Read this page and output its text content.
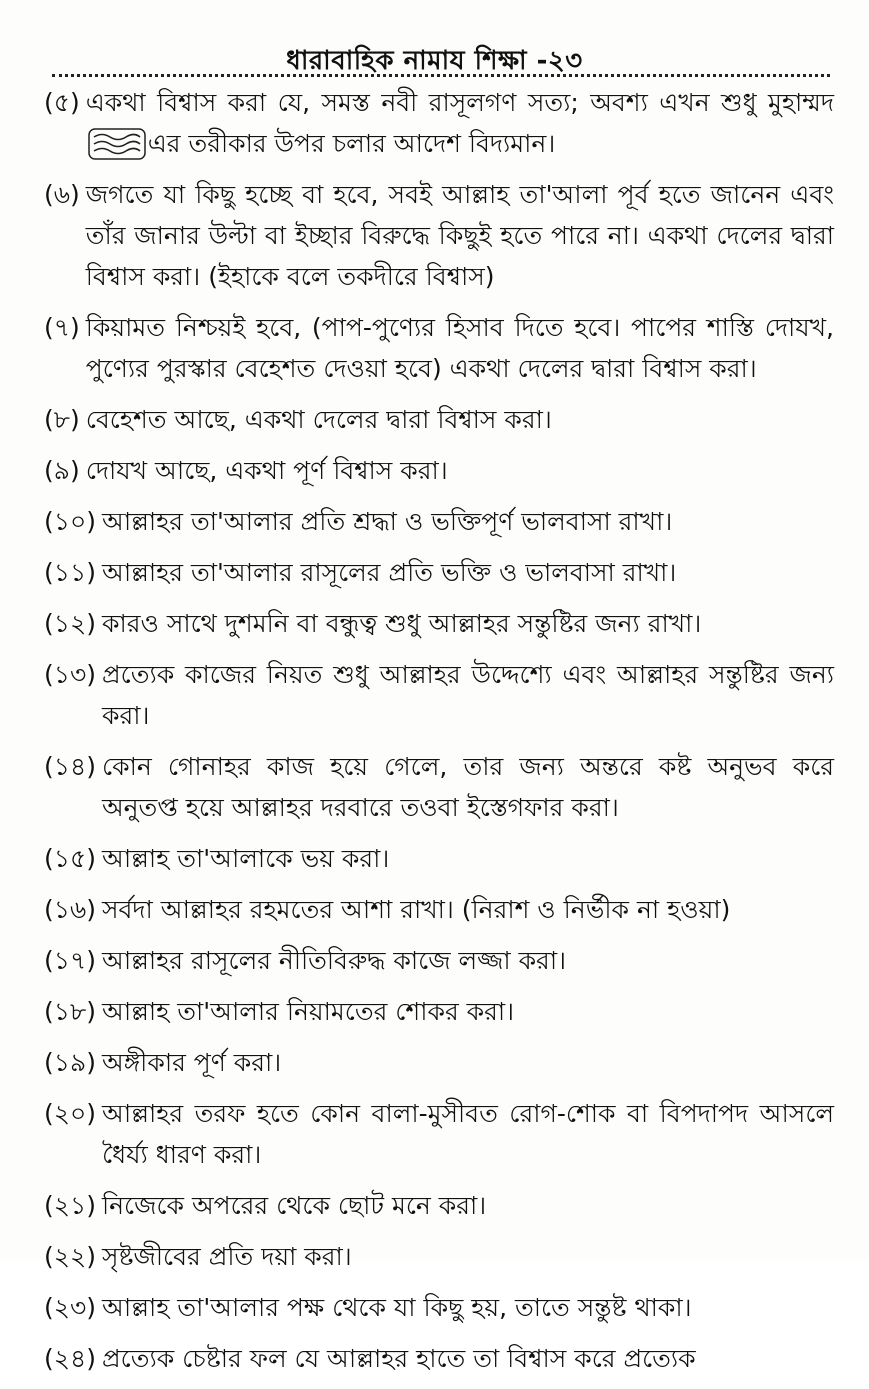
ধারাবাহিক নামায শিক্ষা -২৩
(৫) একথা বিশ্বাস করা যে, সমস্ত নবী রাসূলগণ সত্য; অবশ্য এখন শুধু মুহাম্মদএর তরীকার উপর চলার আদেশ বিদ্যমান।
(৬) জগতে যা কিছু হচ্ছে বা হবে, সবই আল্লাহ তা'আলা পূর্ব হতে জানেন এবং তাঁর জানার উল্টা বা ইচ্ছার বিরুদ্ধে কিছুই হতে পারে না। একথা দেলের দ্বারা বিশ্বাস করা। (ইহাকে বলে তকদীরে বিশ্বাস)
(৭) কিয়ামত নিশ্চয়ই হবে, (পাপ-পুণ্যের হিসাব দিতে হবে। পাপের শাস্তি দোযখ, পুণ্যের পুরস্কার বেহেশত দেওয়া হবে) একথা দেলের দ্বারা বিশ্বাস করা।
(৮) বেহেশত আছে, একথা দেলের দ্বারা বিশ্বাস করা।
(৯) দোযখ আছে, একথা পূর্ণ বিশ্বাস করা।
(১০) আল্লাহর তা'আলার প্রতি শ্রদ্ধা ও ভক্তিপূর্ণ ভালবাসা রাখা।
(১১) আল্লাহর তা'আলার রাসূলের প্রতি ভক্তি ও ভালবাসা রাখা।
(১২) কারও সাথে দুশমনি বা বন্ধুত্ব শুধু আল্লাহর সন্তুষ্টির জন্য রাখা।
(১৩) প্রত্যেক কাজের নিয়ত শুধু আল্লাহর উদ্দেশ্যে এবং আল্লাহর সন্তুষ্টির জন্য করা।
(১৪) কোন গোনাহর কাজ হয়ে গেলে, তার জন্য অন্তরে কষ্ট অনুভব করে অনুতপ্ত হয়ে আল্লাহর দরবারে তওবা ইস্তেগফার করা।
(১৫) আল্লাহ তা'আলাকে ভয় করা।
(১৬) সর্বদা আল্লাহর রহমতের আশা রাখা। (নিরাশ ও নির্ভীক না হওয়া)
(১৭) আল্লাহর রাসূলের নীতিবিরুদ্ধ কাজে লজ্জা করা।
(১৮) আল্লাহ তা'আলার নিয়ামতের শোকর করা।
(১৯) অঙ্গীকার পূর্ণ করা।
(২০) আল্লাহর তরফ হতে কোন বালা-মুসীবত রোগ-শোক বা বিপদাপদ আসলে ধৈর্য্য ধারণ করা।
(২১) নিজেকে অপরের থেকে ছোট মনে করা।
(২২) সৃষ্টজীবের প্রতি দয়া করা।
(২৩) আল্লাহ তা'আলার পক্ষ থেকে যা কিছু হয়, তাতে সন্তুষ্ট থাকা।
(২৪) প্রত্যেক চেষ্টার ফল যে আল্লাহর হাতে তা বিশ্বাস করে প্রত্যেক
